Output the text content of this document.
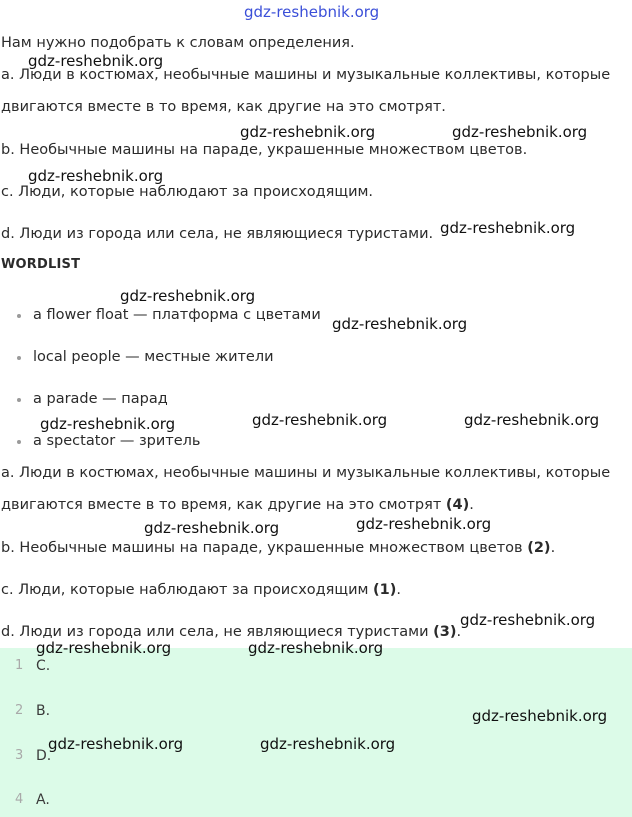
gdz-reshebnik.org
Нам нужно подобрать к словам определения.
a. Люди в костюмах, необычные машины и музыкальные коллективы, которые
двигаются вместе в то время, как другие на это смотрят.
b. Необычные машины на параде, украшенные множеством цветов.
c. Люди, которые наблюдают за происходящим.
d. Люди из города или села, не являющиеся туристами.
WORDLIST
a flower float — платформа с цветами
local people — местные жители
a parade — парад
a spectator — зритель
a. Люди в костюмах, необычные машины и музыкальные коллективы, которые
двигаются вместе в то время, как другие на это смотрят (4).
b. Необычные машины на параде, украшенные множеством цветов (2).
c. Люди, которые наблюдают за происходящим (1).
d. Люди из города или села, не являющиеся туристами (3).
1 C.
2 B.
3 D.
4 A.
gdz-reshebnik.org
gdz-reshebnik.org	gdz-reshebnik.org
gdz-reshebnik.org
gdz-reshebnik.org
gdz-reshebnik.org
gdz-reshebnik.org
gdz-reshebnik.org	gdz-reshebnik.org	gdz-reshebnik.org
gdz-reshebnik.org	gdz-reshebnik.org
gdz-reshebnik.org
gdz-reshebnik.org	gdz-reshebnik.org
gdz-reshebnik.org
gdz-reshebnik.org	gdz-reshebnik.org
